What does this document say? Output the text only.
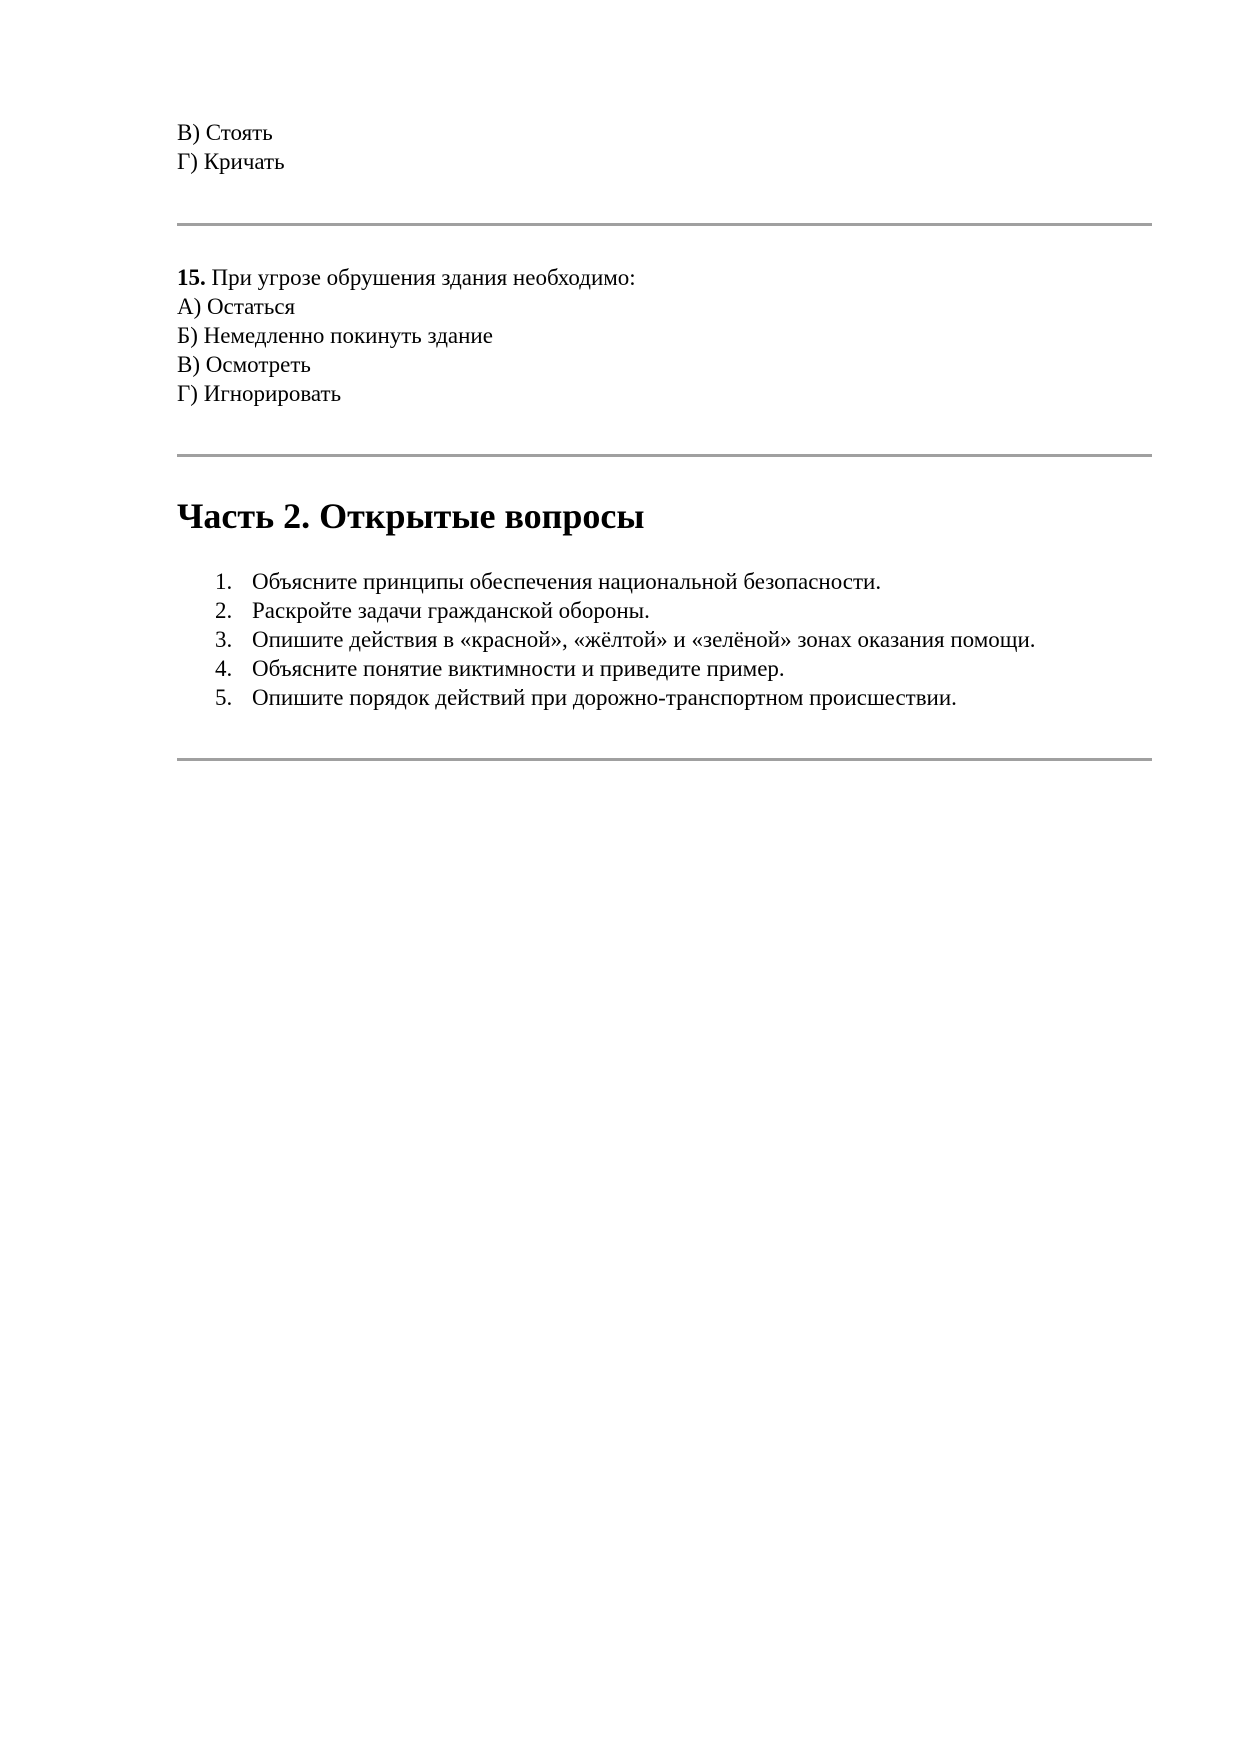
В) Стоять
Г) Кричать
15. При угрозе обрушения здания необходимо:
А) Остаться
Б) Немедленно покинуть здание
В) Осмотреть
Г) Игнорировать
Часть 2. Открытые вопросы
1. Объясните принципы обеспечения национальной безопасности.
2. Раскройте задачи гражданской обороны.
3. Опишите действия в «красной», «жёлтой» и «зелёной» зонах оказания помощи.
4. Объясните понятие виктимности и приведите пример.
5. Опишите порядок действий при дорожно-транспортном происшествии.
